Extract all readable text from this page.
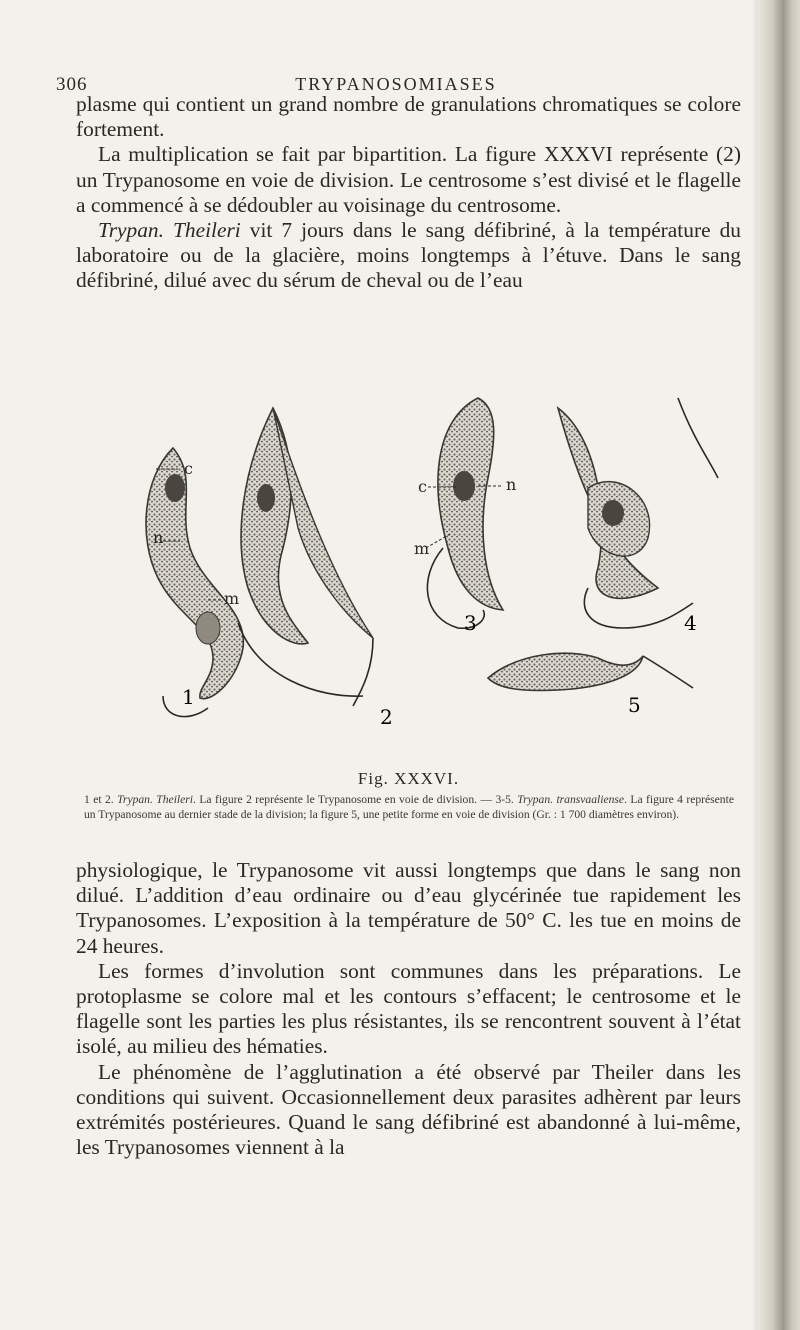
306	TRYPANOSOMIASES

plasme qui contient un grand nombre de granulations chromatiques se colore fortement.

La multiplication se fait par bipartition. La figure XXXVI représente (2) un Trypanosome en voie de division. Le centrosome s’est divisé et le flagelle a commencé à se dédoubler au voisinage du centrosome.

Trypan. Theileri vit 7 jours dans le sang défibriné, à la température du laboratoire ou de la glacière, moins longtemps à l’étuve. Dans le sang défibriné, dilué avec du sérum de cheval ou de l’eau

1
2
3	4
5
c
n
m
c	n
m
Fig. XXXVI.
1 et 2. Trypan. Theileri. La figure 2 représente le Trypanosome en voie de division. — 3-5. Trypan. transvaaliense. La figure 4 représente un Trypanosome au dernier stade de la division; la figure 5, une petite forme en voie de division (Gr. : 1 700 diamètres environ).

physiologique, le Trypanosome vit aussi longtemps que dans le sang non dilué. L’addition d’eau ordinaire ou d’eau glycérinée tue rapidement les Trypanosomes. L’exposition à la température de 50° C. les tue en moins de 24 heures.

Les formes d’involution sont communes dans les préparations. Le protoplasme se colore mal et les contours s’effacent; le centrosome et le flagelle sont les parties les plus résistantes, ils se rencontrent souvent à l’état isolé, au milieu des hématies.

Le phénomène de l’agglutination a été observé par Theiler dans les conditions qui suivent. Occasionnellement deux parasites adhèrent par leurs extrémités postérieures. Quand le sang défibriné est abandonné à lui-même, les Trypanosomes viennent à la
